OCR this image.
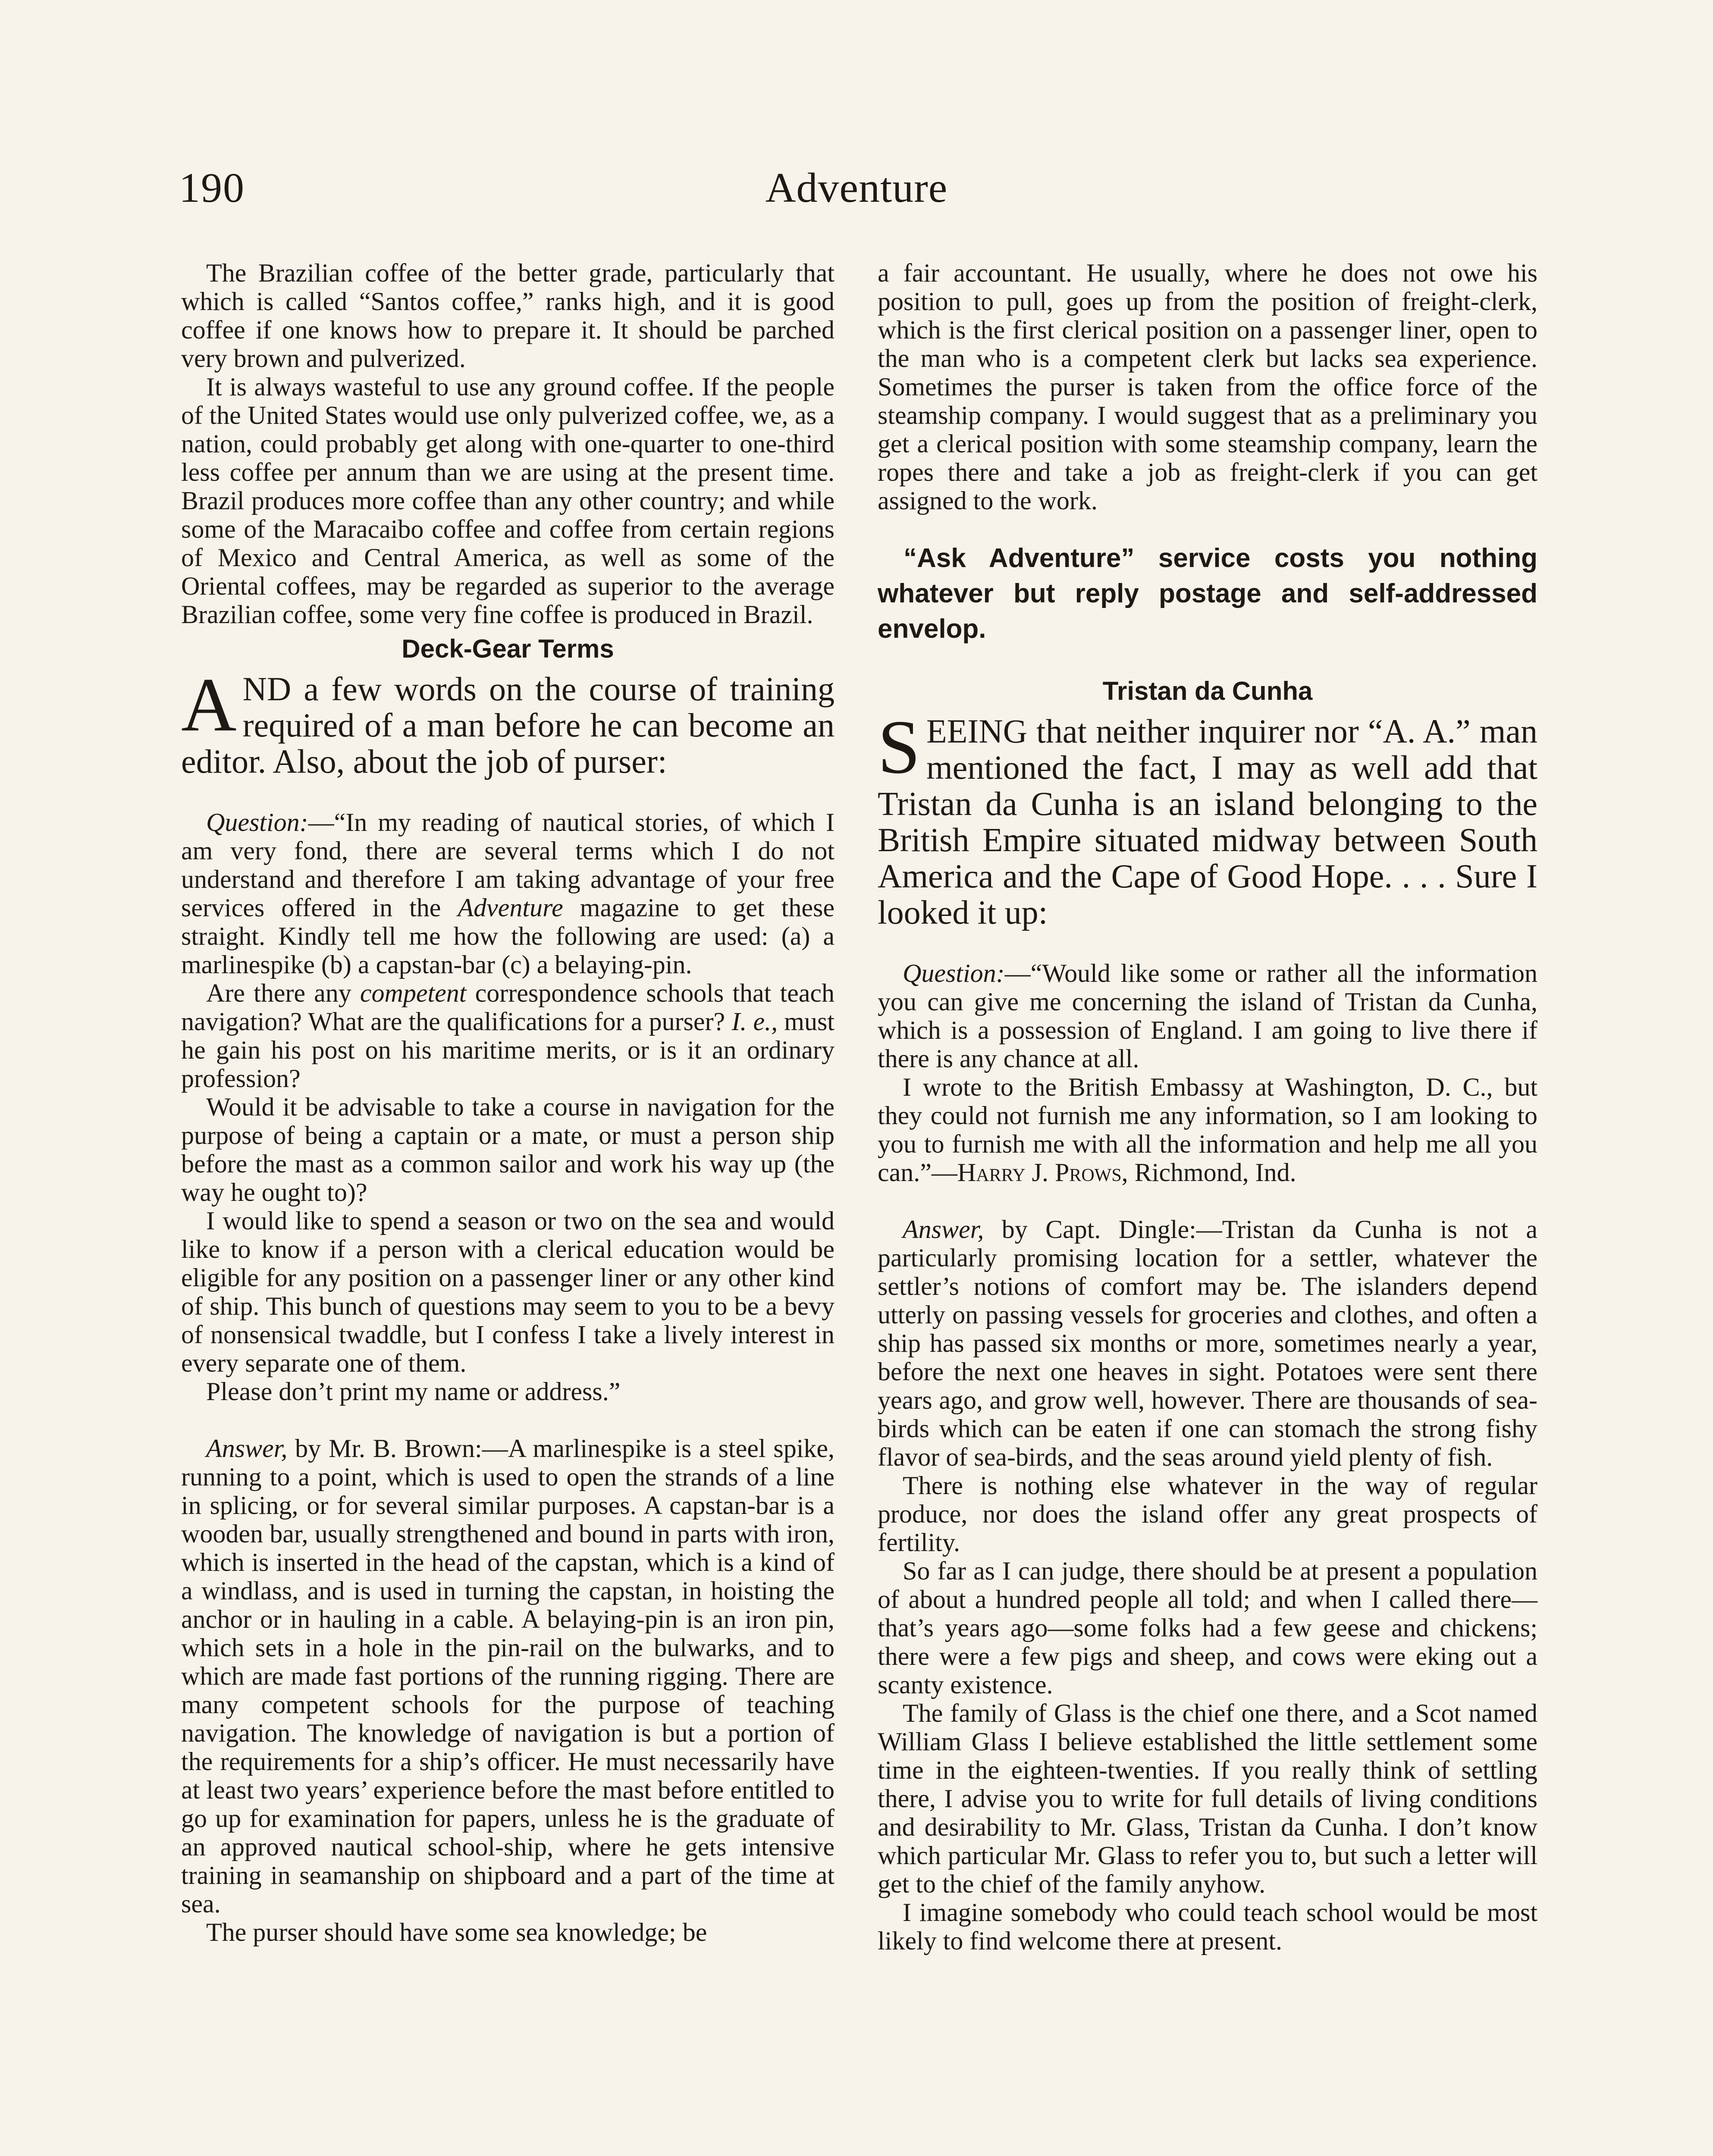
190	Adventure

The Brazilian coffee of the better grade, particularly that which is called “Santos coffee,” ranks high, and it is good coffee if one knows how to prepare it. It should be parched very brown and pulverized.

It is always wasteful to use any ground coffee. If the people of the United States would use only pulverized coffee, we, as a nation, could probably get along with one-quarter to one-third less coffee per annum than we are using at the present time. Brazil produces more coffee than any other country; and while some of the Maracaibo coffee and coffee from certain regions of Mexico and Central America, as well as some of the Oriental coffees, may be regarded as superior to the average Brazilian coffee, some very fine coffee is produced in Brazil.

Deck-Gear Terms

AND a few words on the course of training required of a man before he can become an editor. Also, about the job of purser:

Question:—“In my reading of nautical stories, of which I am very fond, there are several terms which I do not understand and therefore I am taking advantage of your free services offered in the Adventure magazine to get these straight. Kindly tell me how the following are used: (a) a marlinespike (b) a capstan-bar (c) a belaying-pin.

Are there any competent correspondence schools that teach navigation? What are the qualifications for a purser? I. e., must he gain his post on his maritime merits, or is it an ordinary profession?

Would it be advisable to take a course in navigation for the purpose of being a captain or a mate, or must a person ship before the mast as a common sailor and work his way up (the way he ought to)?

I would like to spend a season or two on the sea and would like to know if a person with a clerical education would be eligible for any position on a passenger liner or any other kind of ship. This bunch of questions may seem to you to be a bevy of nonsensical twaddle, but I confess I take a lively interest in every separate one of them.

Please don’t print my name or address.”

Answer, by Mr. B. Brown:—A marlinespike is a steel spike, running to a point, which is used to open the strands of a line in splicing, or for several similar purposes. A capstan-bar is a wooden bar, usually strengthened and bound in parts with iron, which is inserted in the head of the capstan, which is a kind of a windlass, and is used in turning the capstan, in hoisting the anchor or in hauling in a cable. A belaying-pin is an iron pin, which sets in a hole in the pin-rail on the bulwarks, and to which are made fast portions of the running rigging. There are many competent schools for the purpose of teaching navigation. The knowledge of navigation is but a portion of the requirements for a ship’s officer. He must necessarily have at least two years’ experience before the mast before entitled to go up for examination for papers, unless he is the graduate of an approved nautical school-ship, where he gets intensive training in seamanship on shipboard and a part of the time at sea.

The purser should have some sea knowledge; be

a fair accountant. He usually, where he does not owe his position to pull, goes up from the position of freight-clerk, which is the first clerical position on a passenger liner, open to the man who is a competent clerk but lacks sea experience. Sometimes the purser is taken from the office force of the steamship company. I would suggest that as a preliminary you get a clerical position with some steamship company, learn the ropes there and take a job as freight-clerk if you can get assigned to the work.

“Ask Adventure” service costs you nothing whatever but reply postage and self-addressed envelop.

Tristan da Cunha

SEEING that neither inquirer nor “A. A.” man mentioned the fact, I may as well add that Tristan da Cunha is an island belonging to the British Empire situated midway between South America and the Cape of Good Hope. . . . Sure I looked it up:

Question:—“Would like some or rather all the information you can give me concerning the island of Tristan da Cunha, which is a possession of England. I am going to live there if there is any chance at all.

I wrote to the British Embassy at Washington, D. C., but they could not furnish me any information, so I am looking to you to furnish me with all the information and help me all you can.”—Harry J. Prows, Richmond, Ind.

Answer, by Capt. Dingle:—Tristan da Cunha is not a particularly promising location for a settler, whatever the settler’s notions of comfort may be. The islanders depend utterly on passing vessels for groceries and clothes, and often a ship has passed six months or more, sometimes nearly a year, before the next one heaves in sight. Potatoes were sent there years ago, and grow well, however. There are thousands of sea-birds which can be eaten if one can stomach the strong fishy flavor of sea-birds, and the seas around yield plenty of fish.

There is nothing else whatever in the way of regular produce, nor does the island offer any great prospects of fertility.

So far as I can judge, there should be at present a population of about a hundred people all told; and when I called there—that’s years ago—some folks had a few geese and chickens; there were a few pigs and sheep, and cows were eking out a scanty existence.

The family of Glass is the chief one there, and a Scot named William Glass I believe established the little settlement some time in the eighteen-twenties. If you really think of settling there, I advise you to write for full details of living conditions and desirability to Mr. Glass, Tristan da Cunha. I don’t know which particular Mr. Glass to refer you to, but such a letter will get to the chief of the family anyhow.

I imagine somebody who could teach school would be most likely to find welcome there at present.
